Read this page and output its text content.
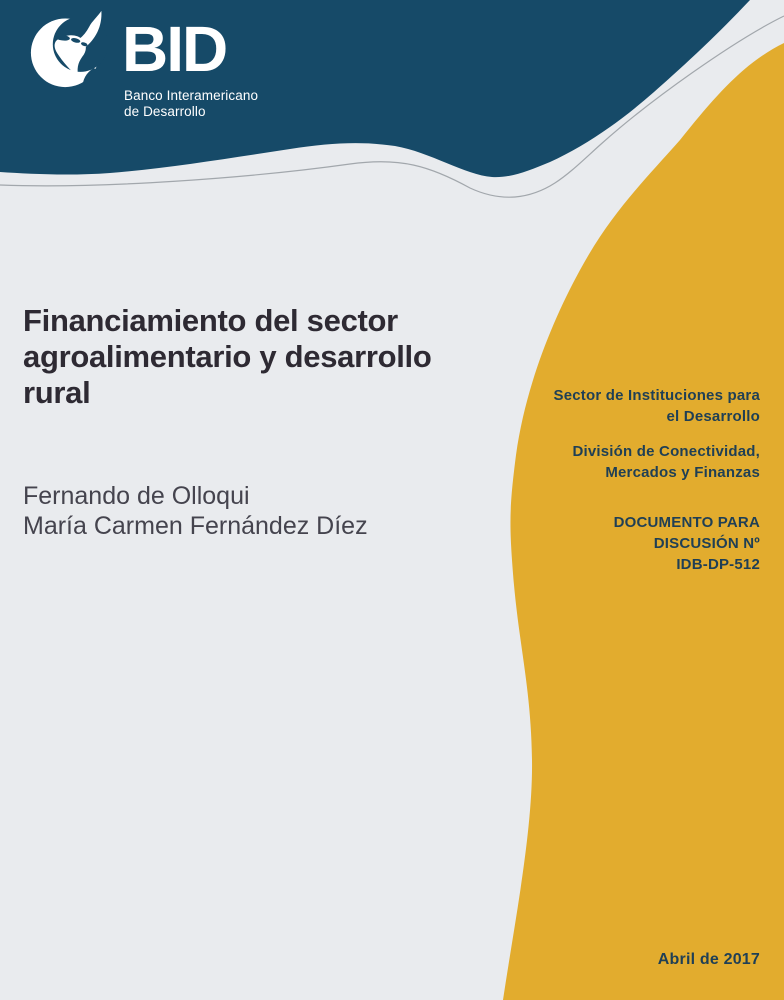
BID
Banco Interamericano
de Desarrollo
Financiamiento del sector
agroalimentario y desarrollo
rural
Fernando de Olloqui
María Carmen Fernández Díez
Sector de Instituciones para
el Desarrollo
División de Conectividad,
Mercados y Finanzas
DOCUMENTO PARA
DISCUSIÓN Nº
IDB-DP-512
Abril de 2017
